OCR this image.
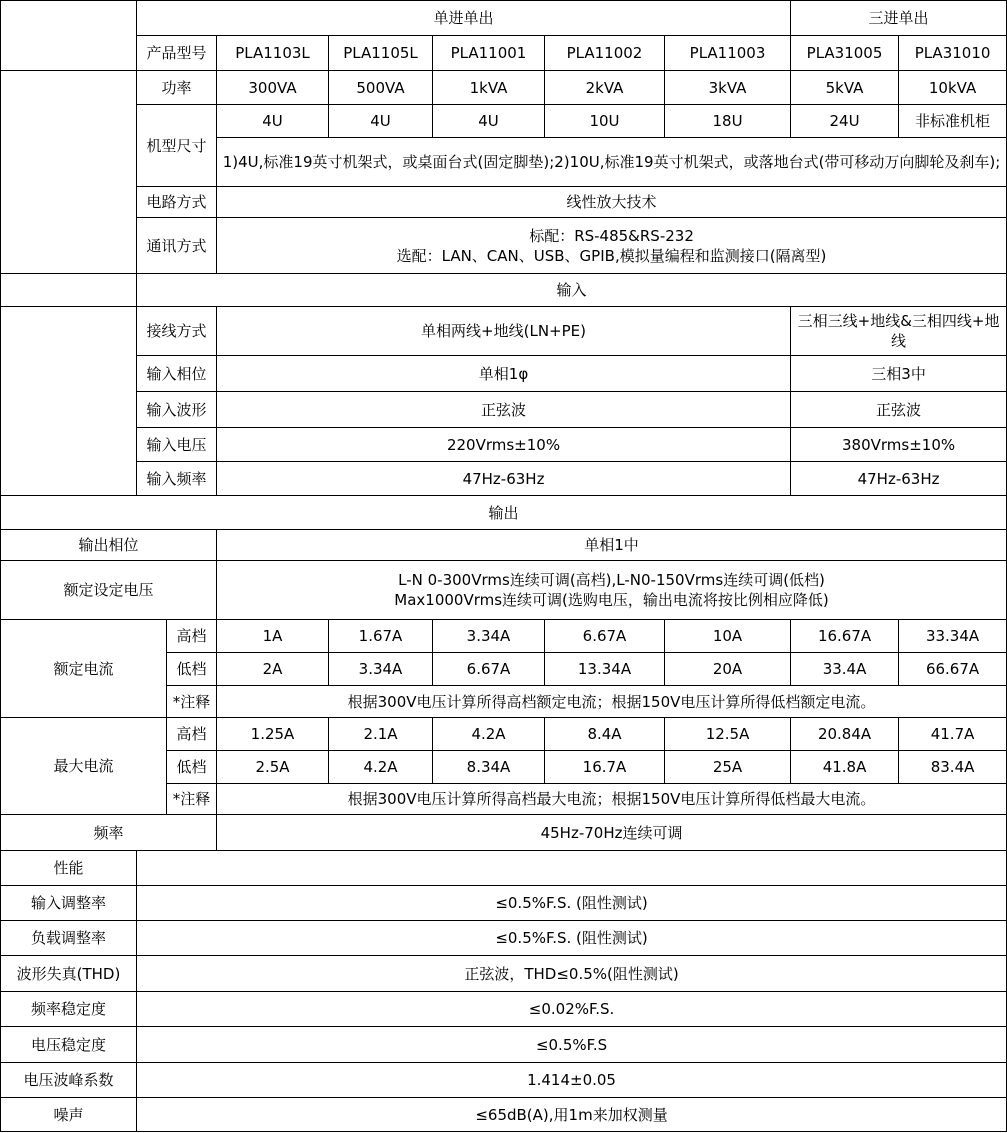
	单进单出							三进单出	
	产品型号		PLA1103L	PLA1105L	PLA11001	PLA11002	PLA11003	PLA31005	PLA31010
	功率		300VA	500VA	1kVA	2kVA	3kVA	5kVA	10kVA
	机型尺寸		4U	4U	4U	10U	18U	24U	非标准机柜
			1)4U,标准19英寸机架式，或桌面台式(固定脚垫);2)10U,标准19英寸机架式，或落地台式(带可移动万向脚轮及刹车);						
	电路方式		线性放大技术						
	通讯方式		标配：RS-485&RS-232
选配：LAN、CAN、USB、GPIB,模拟量编程和监测接口(隔离型)						

	输入								
	接线方式		单相两线+地线(LN+PE)					三相三线+地线&三相四线+地线	
	输入相位		单相1φ					三相3中	
	输入波形		正弦波					正弦波	
	输入电压		220Vrms±10%					380Vrms±10%	
	输入频率		47Hz-63Hz					47Hz-63Hz	
输出									
输出相位			单相1中						
额定设定电压			L-N 0-300Vrms连续可调(高档),L-N0-150Vrms连续可调(低档)
Max1000Vrms连续可调(选购电压，输出电流将按比例相应降低)						

额定电流		高档	1A	1.67A	3.34A	6.67A	10A	16.67A	33.34A
		低档	2A	3.34A	6.67A	13.34A	20A	33.4A	66.67A
		*注释	根据300V电压计算所得高档额定电流；根据150V电压计算所得低档额定电流。						
最大电流		高档	1.25A	2.1A	4.2A	8.4A	12.5A	20.84A	41.7A
		低档	2.5A	4.2A	8.34A	16.7A	25A	41.8A	83.4A
		*注释	根据300V电压计算所得高档最大电流；根据150V电压计算所得低档最大电流。						
频率			45Hz-70Hz连续可调						
性能									
输入调整率	≤0.5%F.S. (阻性测试)								
负载调整率	≤0.5%F.S. (阻性测试)								
波形失真(THD)	正弦波，THD≤0.5%(阻性测试)								
频率稳定度	≤0.02%F.S.								
电压稳定度	≤0.5%F.S								
电压波峰系数	1.414±0.05								
噪声	≤65dB(A),用1m来加权测量								
